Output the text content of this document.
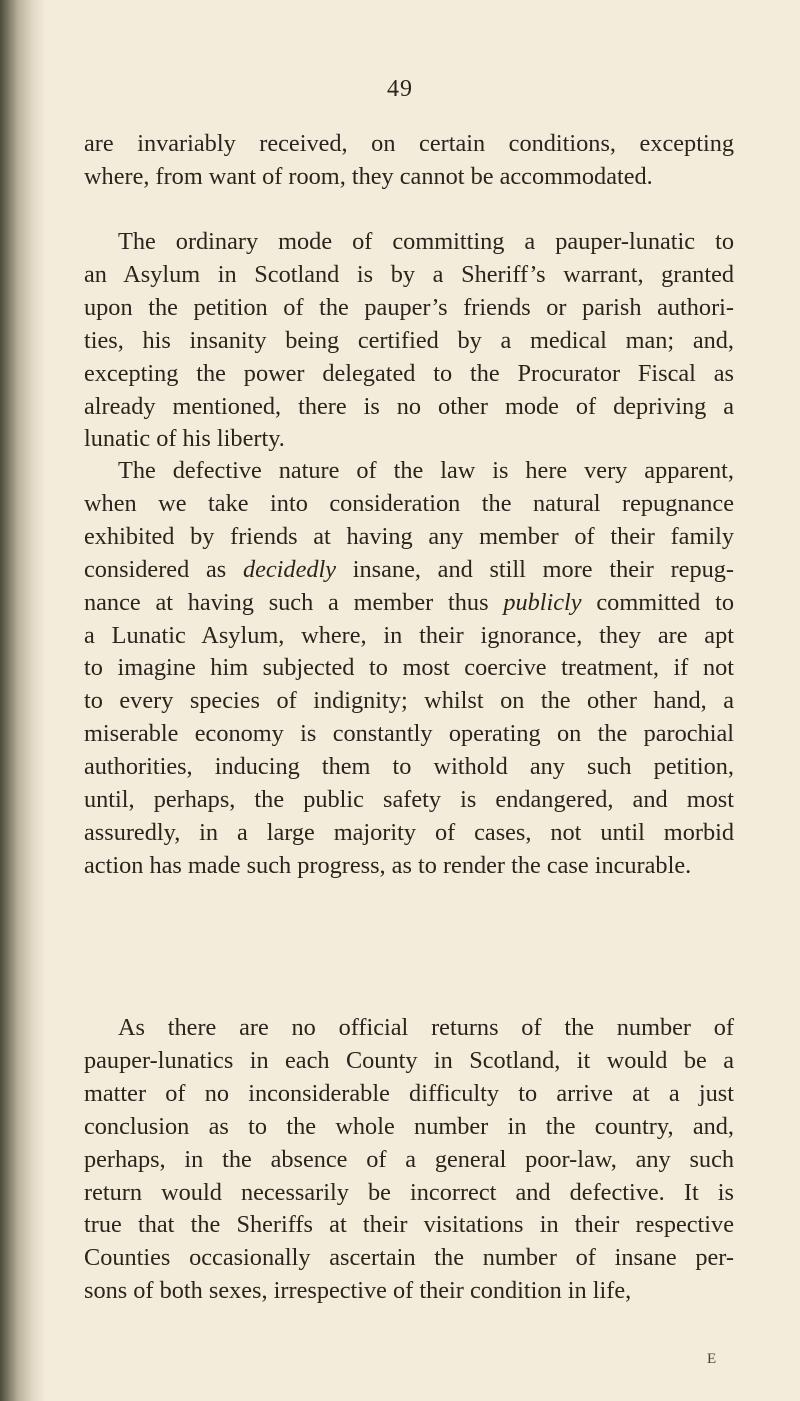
49
are invariably received, on certain conditions, excepting
where, from want of room, they cannot be accommodated.
The ordinary mode of committing a pauper-lunatic to
an Asylum in Scotland is by a Sheriff’s warrant, granted
upon the petition of the pauper’s friends or parish authori-
ties, his insanity being certified by a medical man; and,
excepting the power delegated to the Procurator Fiscal as
already mentioned, there is no other mode of depriving a
lunatic of his liberty.
The defective nature of the law is here very apparent,
when we take into consideration the natural repugnance
exhibited by friends at having any member of their family
considered as decidedly insane, and still more their repug-
nance at having such a member thus publicly committed to
a Lunatic Asylum, where, in their ignorance, they are apt
to imagine him subjected to most coercive treatment, if not
to every species of indignity; whilst on the other hand, a
miserable economy is constantly operating on the parochial
authorities, inducing them to withold any such petition,
until, perhaps, the public safety is endangered, and most
assuredly, in a large majority of cases, not until morbid
action has made such progress, as to render the case incurable.
As there are no official returns of the number of
pauper-lunatics in each County in Scotland, it would be a
matter of no inconsiderable difficulty to arrive at a just
conclusion as to the whole number in the country, and,
perhaps, in the absence of a general poor-law, any such
return would necessarily be incorrect and defective. It is
true that the Sheriffs at their visitations in their respective
Counties occasionally ascertain the number of insane per-
sons of both sexes, irrespective of their condition in life,
E
